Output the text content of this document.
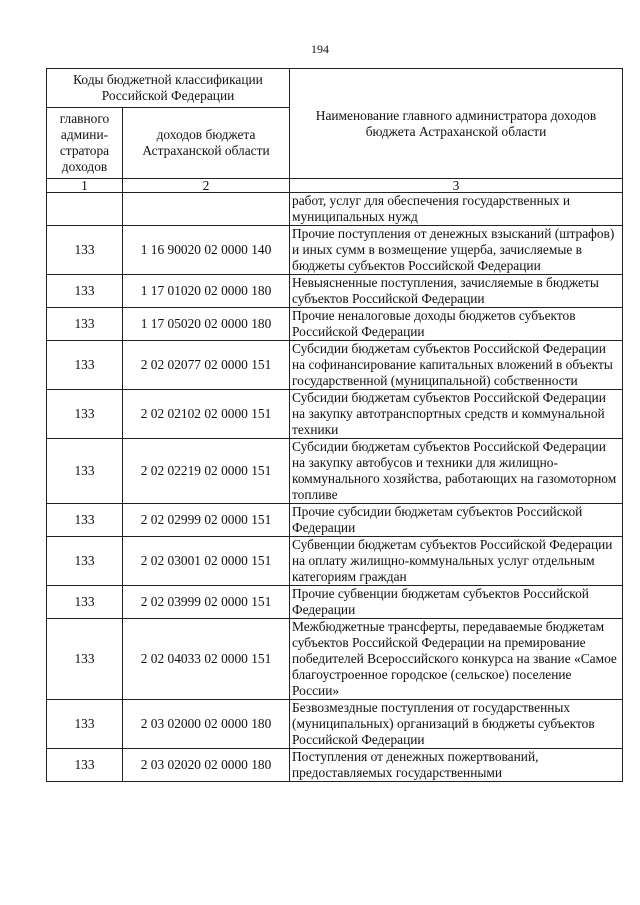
194
Коды бюджетной классификации Российской Федерации		Наименование главного администратора доходов бюджета Астраханской области
главного админи-стратора доходов	доходов бюджета Астраханской области	
1	2	3
		работ, услуг для обеспечения государственных и муниципальных нужд
133	1 16 90020 02 0000 140	Прочие поступления от денежных взысканий (штрафов) и иных сумм в возмещение ущерба, зачисляемые в бюджеты субъектов Российской Федерации
133	1 17 01020 02 0000 180	Невыясненные поступления, зачисляемые в бюджеты субъектов Российской Федерации
133	1 17 05020 02 0000 180	Прочие неналоговые доходы бюджетов субъектов Российской Федерации
133	2 02 02077 02 0000 151	Субсидии бюджетам субъектов Российской Федерации на софинансирование капитальных вложений в объекты государственной (муниципальной) собственности
133	2 02 02102 02 0000 151	Субсидии бюджетам субъектов Российской Федерации на закупку автотранспортных средств и коммунальной техники
133	2 02 02219 02 0000 151	Субсидии бюджетам субъектов Российской Федерации на закупку автобусов и техники для жилищно-коммунального хозяйства, работающих на газомоторном топливе
133	2 02 02999 02 0000 151	Прочие субсидии бюджетам субъектов Российской Федерации
133	2 02 03001 02 0000 151	Субвенции бюджетам субъектов Российской Федерации на оплату жилищно-коммунальных услуг отдельным категориям граждан
133	2 02 03999 02 0000 151	Прочие субвенции бюджетам субъектов Российской Федерации
133	2 02 04033 02 0000 151	Межбюджетные трансферты, передаваемые бюджетам субъектов Российской Федерации на премирование победителей Всероссийского конкурса на звание «Самое благоустроенное городское (сельское) поселение России»
133	2 03 02000 02 0000 180	Безвозмездные поступления от государственных (муниципальных) организаций в бюджеты субъектов Российской Федерации
133	2 03 02020 02 0000 180	Поступления от денежных пожертвований, предоставляемых государственными
